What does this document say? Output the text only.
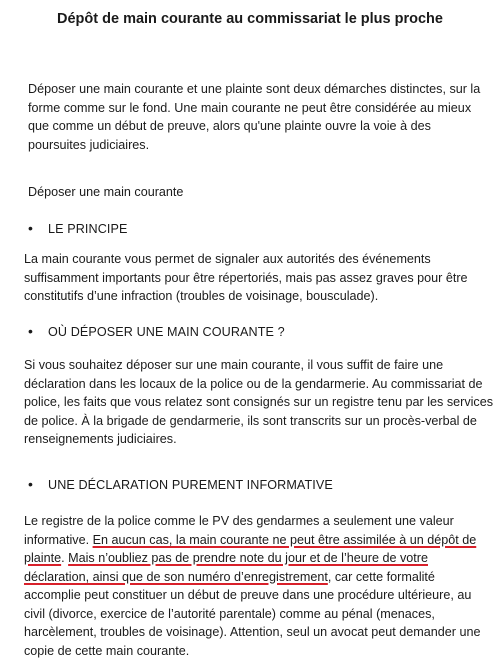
Dépôt de main courante au commissariat le plus proche

Déposer une main courante et une plainte sont deux démarches distinctes, sur la forme comme sur le fond. Une main courante ne peut être considérée au mieux que comme un début de preuve, alors qu'une plainte ouvre la voie à des poursuites judiciaires.

Déposer une main courante

• LE PRINCIPE

La main courante vous permet de signaler aux autorités des événements suffisamment importants pour être répertoriés, mais pas assez graves pour être constitutifs d’une infraction (troubles de voisinage, bousculade).

• OÙ DÉPOSER UNE MAIN COURANTE ?

Si vous souhaitez déposer sur une main courante, il vous suffit de faire une déclaration dans les locaux de la police ou de la gendarmerie. Au commissariat de police, les faits que vous relatez sont consignés sur un registre tenu par les services de police. À la brigade de gendarmerie, ils sont transcrits sur un procès-verbal de renseignements judiciaires.

• UNE DÉCLARATION PUREMENT INFORMATIVE

Le registre de la police comme le PV des gendarmes a seulement une valeur informative. En aucun cas, la main courante ne peut être assimilée à un dépôt de plainte. Mais n’oubliez pas de prendre note du jour et de l’heure de votre déclaration, ainsi que de son numéro d’enregistrement, car cette formalité accomplie peut constituer un début de preuve dans une procédure ultérieure, au civil (divorce, exercice de l’autorité parentale) comme au pénal (menaces, harcèlement, troubles de voisinage). Attention, seul un avocat peut demander une copie de cette main courante.
